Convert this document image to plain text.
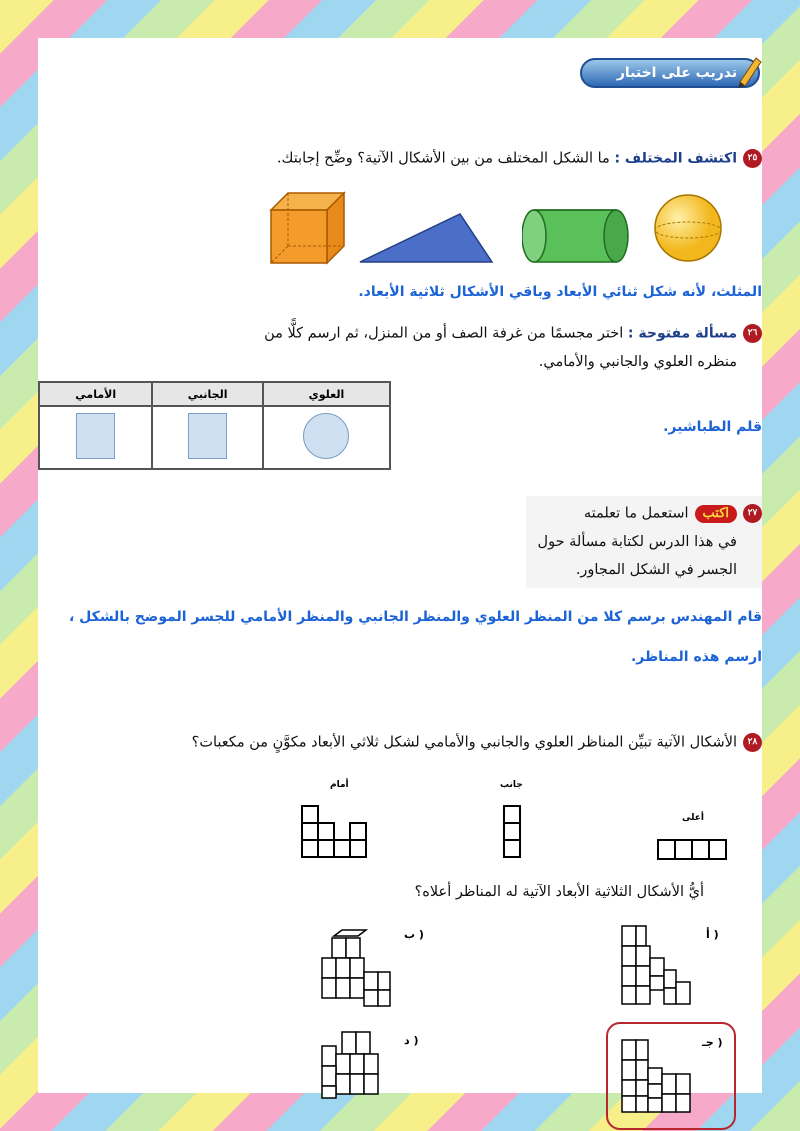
تدريب على اختبار
٢٥اكتشف المختلف : ما الشكل المختلف من بين الأشكال الآتية؟ وضِّح إجابتك.
المثلث، لأنه شكل ثنائي الأبعاد وباقي الأشكال ثلاثية الأبعاد.
٢٦مسألة مفتوحة : اختر مجسمًا من غرفة الصف أو من المنزل، ثم ارسم كلًّا من
منظره العلوي والجانبي والأمامي.
الأمامي	الجانبي	العلوي

قلم الطباشير.
٢٧اكتباستعمل ما تعلمته
في هذا الدرس لكتابة مسألة حول
الجسر في الشكل المجاور.
قام المهندس برسم كلا من المنظر العلوي والمنظر الجانبي والمنظر الأمامي للجسر الموضح بالشكل ،
ارسم هذه المناظر.
٢٨الأشكال الآتية تبيِّن المناظر العلوي والجانبي والأمامي لشكل ثلاثي الأبعاد مكوَّنٍ من مكعبات؟
أمام	جانب
أعلى
أيُّ الأشكال الثلاثية الأبعاد الآتية له المناظر أعلاه؟
ب )	أ )
د )	جـ )
